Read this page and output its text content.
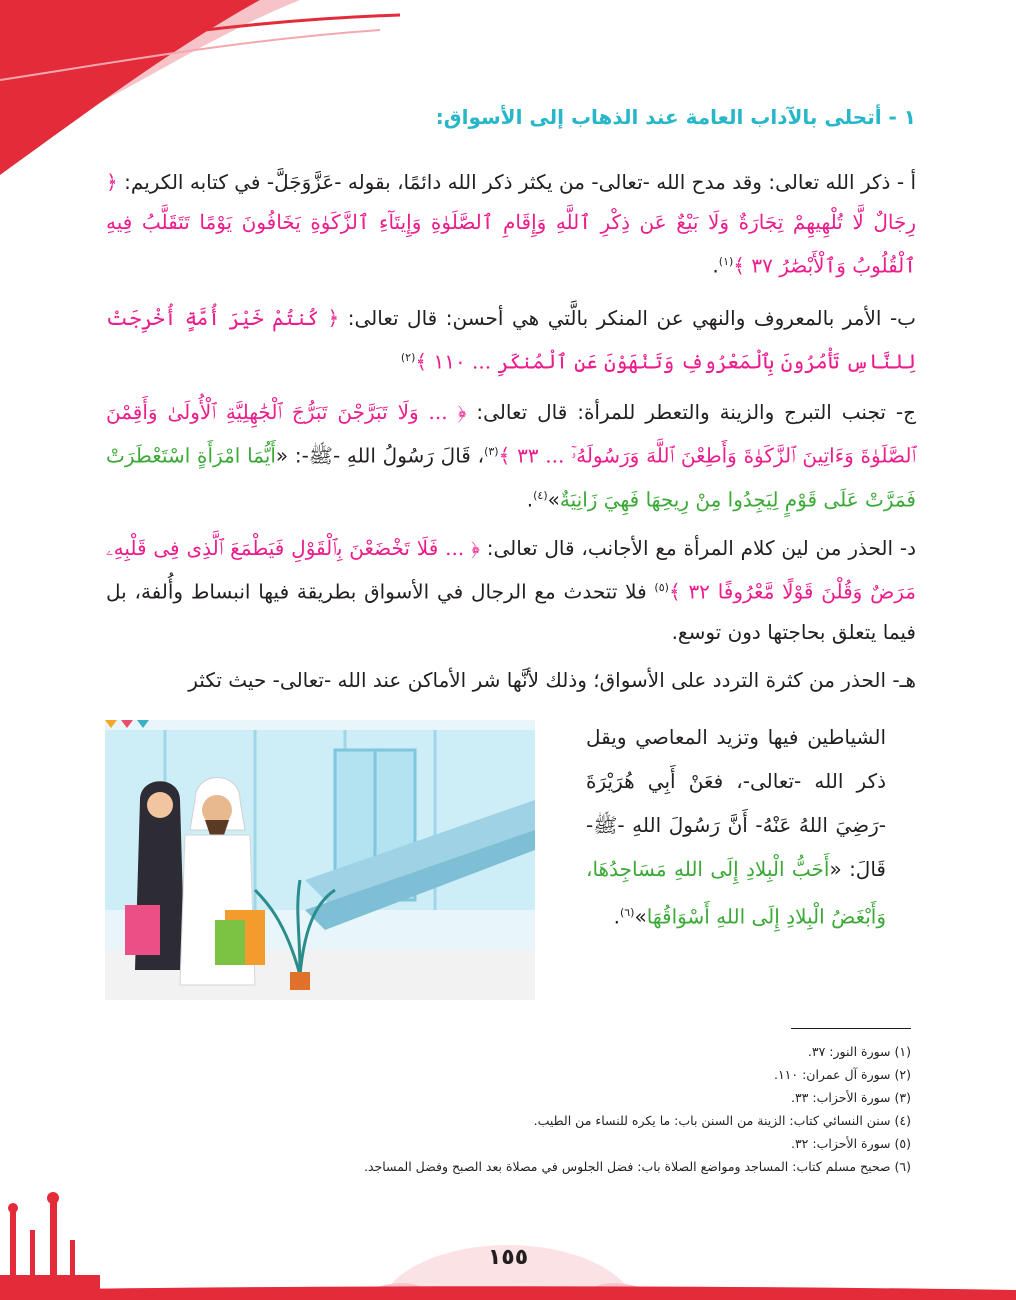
١ - أتحلى بالآداب العامة عند الذهاب إلى الأسواق:

أ - ذكر الله تعالى: وقد مدح الله -تعالى- من يكثر ذكر الله دائمًا، بقوله -عَزَّوَجَلَّ- في كتابه الكريم: ﴿ رِجَالٌ لَّا تُلْهِيهِمْ تِجَارَةٌ وَلَا بَيْعٌ عَن ذِكْرِ ٱللَّهِ وَإِقَامِ ٱلصَّلَوٰةِ وَإِيتَآءِ ٱلزَّكَوٰةِ يَخَافُونَ يَوْمًا تَتَقَلَّبُ فِيهِ ٱلْقُلُوبُ وَٱلْأَبْصَٰرُ ٣٧ ﴾$^{(١)}$.

ب- الأمر بالمعروف والنهي عن المنكر بالَّتي هي أحسن: قال تعالى: ﴿ كُنتُمْ خَيْرَ أُمَّةٍ أُخْرِجَتْ لِلنَّاسِ تَأْمُرُونَ بِٱلْمَعْرُوفِ وَتَنْهَوْنَ عَنِ ٱلْمُنكَرِ ... ١١٠ ﴾$^{(٢)}$

ج- تجنب التبرج والزينة والتعطر للمرأة: قال تعالى: ﴿ ... وَلَا تَبَرَّجْنَ تَبَرُّجَ ٱلْجَٰهِلِيَّةِ ٱلْأُولَىٰ وَأَقِمْنَ ٱلصَّلَوٰةَ وَءَاتِينَ ٱلزَّكَوٰةَ وَأَطِعْنَ ٱللَّهَ وَرَسُولَهُۥٓ ... ٣٣ ﴾$^{(٣)}$، قَالَ رَسُولُ اللهِ -ﷺ-: «أَيُّمَا امْرَأَةٍ اسْتَعْطَرَتْ فَمَرَّتْ عَلَى قَوْمٍ لِيَجِدُوا مِنْ رِيحِهَا فَهِيَ زَانِيَةٌ»$^{(٤)}$.

د- الحذر من لين كلام المرأة مع الأجانب، قال تعالى: ﴿ ... فَلَا تَخْضَعْنَ بِٱلْقَوْلِ فَيَطْمَعَ ٱلَّذِى فِى قَلْبِهِۦ مَرَضٌ وَقُلْنَ قَوْلًا مَّعْرُوفًا ٣٢ ﴾$^{(٥)}$ فلا تتحدث مع الرجال في الأسواق بطريقة فيها انبساط وأُلفة، بل فيما يتعلق بحاجتها دون توسع.

هـ- الحذر من كثرة التردد على الأسواق؛ وذلك لأنَّها شر الأماكن عند الله -تعالى- حيث تكثر

الشياطين فيها وتزيد المعاصي ويقل ذكر الله -تعالى-، فعَنْ أَبِي هُرَيْرَةَ -رَضِيَ اللهُ عَنْهُ- أَنَّ رَسُولَ اللهِ -ﷺ- قَالَ: «أَحَبُّ الْبِلادِ إِلَى اللهِ مَسَاجِدُهَا، وَأَبْغَضُ الْبِلادِ إِلَى اللهِ أَسْوَاقُهَا»$^{(٦)}$.

(١) سورة النور: ٣٧.
(٢) سورة آل عمران: ١١٠.
(٣) سورة الأحزاب: ٣٣.
(٤) سنن النسائي كتاب: الزينة من السنن باب: ما يكره للنساء من الطيب.
(٥) سورة الأحزاب: ٣٢.
(٦) صحيح مسلم كتاب: المساجد ومواضع الصلاة باب: فضل الجلوس في مصلاة بعد الصبح وفضل المساجد.
١٥٥
